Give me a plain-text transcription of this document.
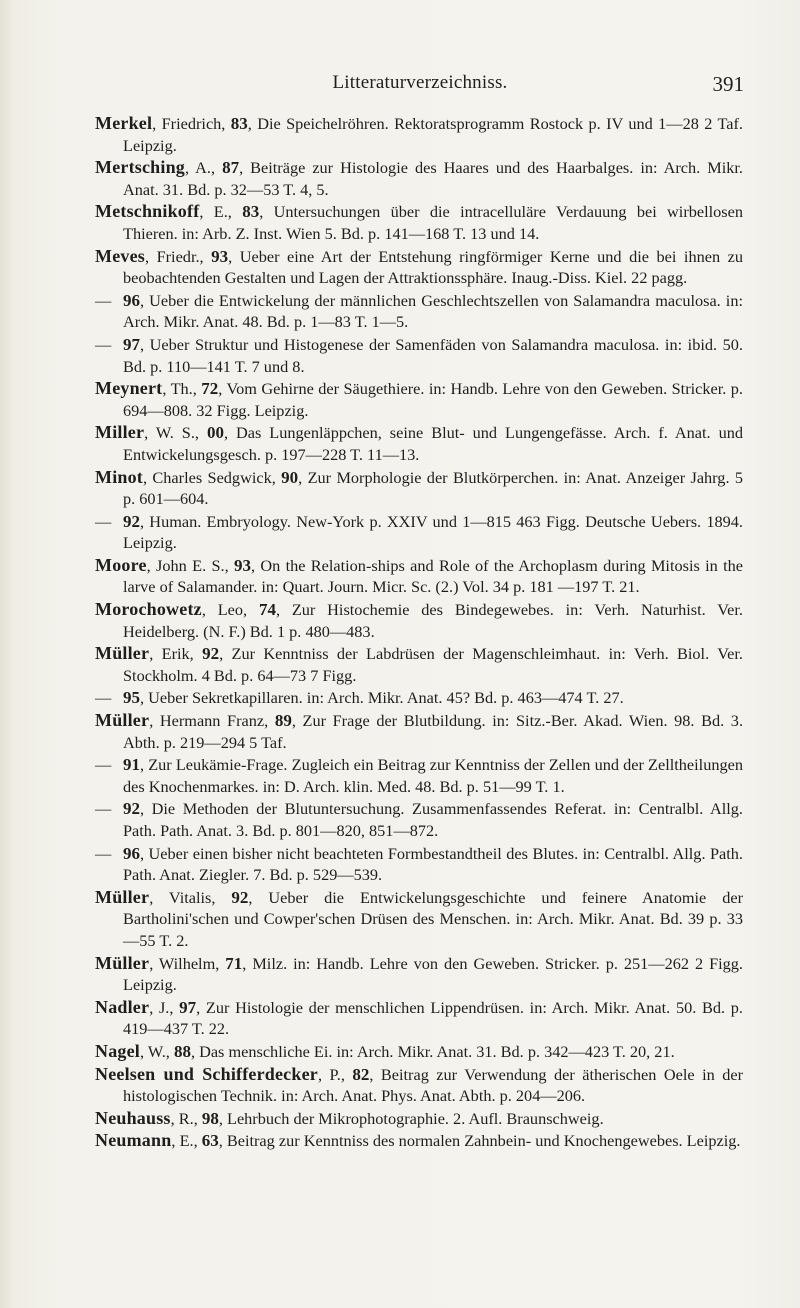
Litteraturverzeichniss.	391

Merkel, Friedrich, 83, Die Speichelröhren. Rektoratsprogramm Rostock p. IV und 1—28 2 Taf. Leipzig.

Mertsching, A., 87, Beiträge zur Histologie des Haares und des Haarbalges. in: Arch. Mikr. Anat. 31. Bd. p. 32—53 T. 4, 5.

Metschnikoff, E., 83, Untersuchungen über die intracelluläre Verdauung bei wirbellosen Thieren. in: Arb. Z. Inst. Wien 5. Bd. p. 141—168 T. 13 und 14.

Meves, Friedr., 93, Ueber eine Art der Entstehung ringförmiger Kerne und die bei ihnen zu beobachtenden Gestalten und Lagen der Attraktionssphäre. Inaug.-Diss. Kiel. 22 pagg.

— 96, Ueber die Entwickelung der männlichen Geschlechtszellen von Salamandra maculosa. in: Arch. Mikr. Anat. 48. Bd. p. 1—83 T. 1—5.

— 97, Ueber Struktur und Histogenese der Samenfäden von Salamandra maculosa. in: ibid. 50. Bd. p. 110—141 T. 7 und 8.

Meynert, Th., 72, Vom Gehirne der Säugethiere. in: Handb. Lehre von den Geweben. Stricker. p. 694—808. 32 Figg. Leipzig.

Miller, W. S., 00, Das Lungenläppchen, seine Blut- und Lungengefässe. Arch. f. Anat. und Entwickelungsgesch. p. 197—228 T. 11—13.

Minot, Charles Sedgwick, 90, Zur Morphologie der Blutkörperchen. in: Anat. Anzeiger Jahrg. 5 p. 601—604.

— 92, Human. Embryology. New-York p. XXIV und 1—815 463 Figg. Deutsche Uebers. 1894. Leipzig.

Moore, John E. S., 93, On the Relation-ships and Role of the Archoplasm during Mitosis in the larve of Salamander. in: Quart. Journ. Micr. Sc. (2.) Vol. 34 p. 181 —197 T. 21.

Morochowetz, Leo, 74, Zur Histochemie des Bindegewebes. in: Verh. Naturhist. Ver. Heidelberg. (N. F.) Bd. 1 p. 480—483.

Müller, Erik, 92, Zur Kenntniss der Labdrüsen der Magenschleimhaut. in: Verh. Biol. Ver. Stockholm. 4 Bd. p. 64—73 7 Figg.

— 95, Ueber Sekretkapillaren. in: Arch. Mikr. Anat. 45? Bd. p. 463—474 T. 27.

Müller, Hermann Franz, 89, Zur Frage der Blutbildung. in: Sitz.-Ber. Akad. Wien. 98. Bd. 3. Abth. p. 219—294 5 Taf.

— 91, Zur Leukämie-Frage. Zugleich ein Beitrag zur Kenntniss der Zellen und der Zelltheilungen des Knochenmarkes. in: D. Arch. klin. Med. 48. Bd. p. 51—99 T. 1.

— 92, Die Methoden der Blutuntersuchung. Zusammenfassendes Referat. in: Centralbl. Allg. Path. Path. Anat. 3. Bd. p. 801—820, 851—872.

— 96, Ueber einen bisher nicht beachteten Formbestandtheil des Blutes. in: Centralbl. Allg. Path. Path. Anat. Ziegler. 7. Bd. p. 529—539.

Müller, Vitalis, 92, Ueber die Entwickelungsgeschichte und feinere Anatomie der Bartholini'schen und Cowper'schen Drüsen des Menschen. in: Arch. Mikr. Anat. Bd. 39 p. 33—55 T. 2.

Müller, Wilhelm, 71, Milz. in: Handb. Lehre von den Geweben. Stricker. p. 251—262 2 Figg. Leipzig.

Nadler, J., 97, Zur Histologie der menschlichen Lippendrüsen. in: Arch. Mikr. Anat. 50. Bd. p. 419—437 T. 22.

Nagel, W., 88, Das menschliche Ei. in: Arch. Mikr. Anat. 31. Bd. p. 342—423 T. 20, 21.

Neelsen und Schifferdecker, P., 82, Beitrag zur Verwendung der ätherischen Oele in der histologischen Technik. in: Arch. Anat. Phys. Anat. Abth. p. 204—206.

Neuhauss, R., 98, Lehrbuch der Mikrophotographie. 2. Aufl. Braunschweig.

Neumann, E., 63, Beitrag zur Kenntniss des normalen Zahnbein- und Knochengewebes. Leipzig.
